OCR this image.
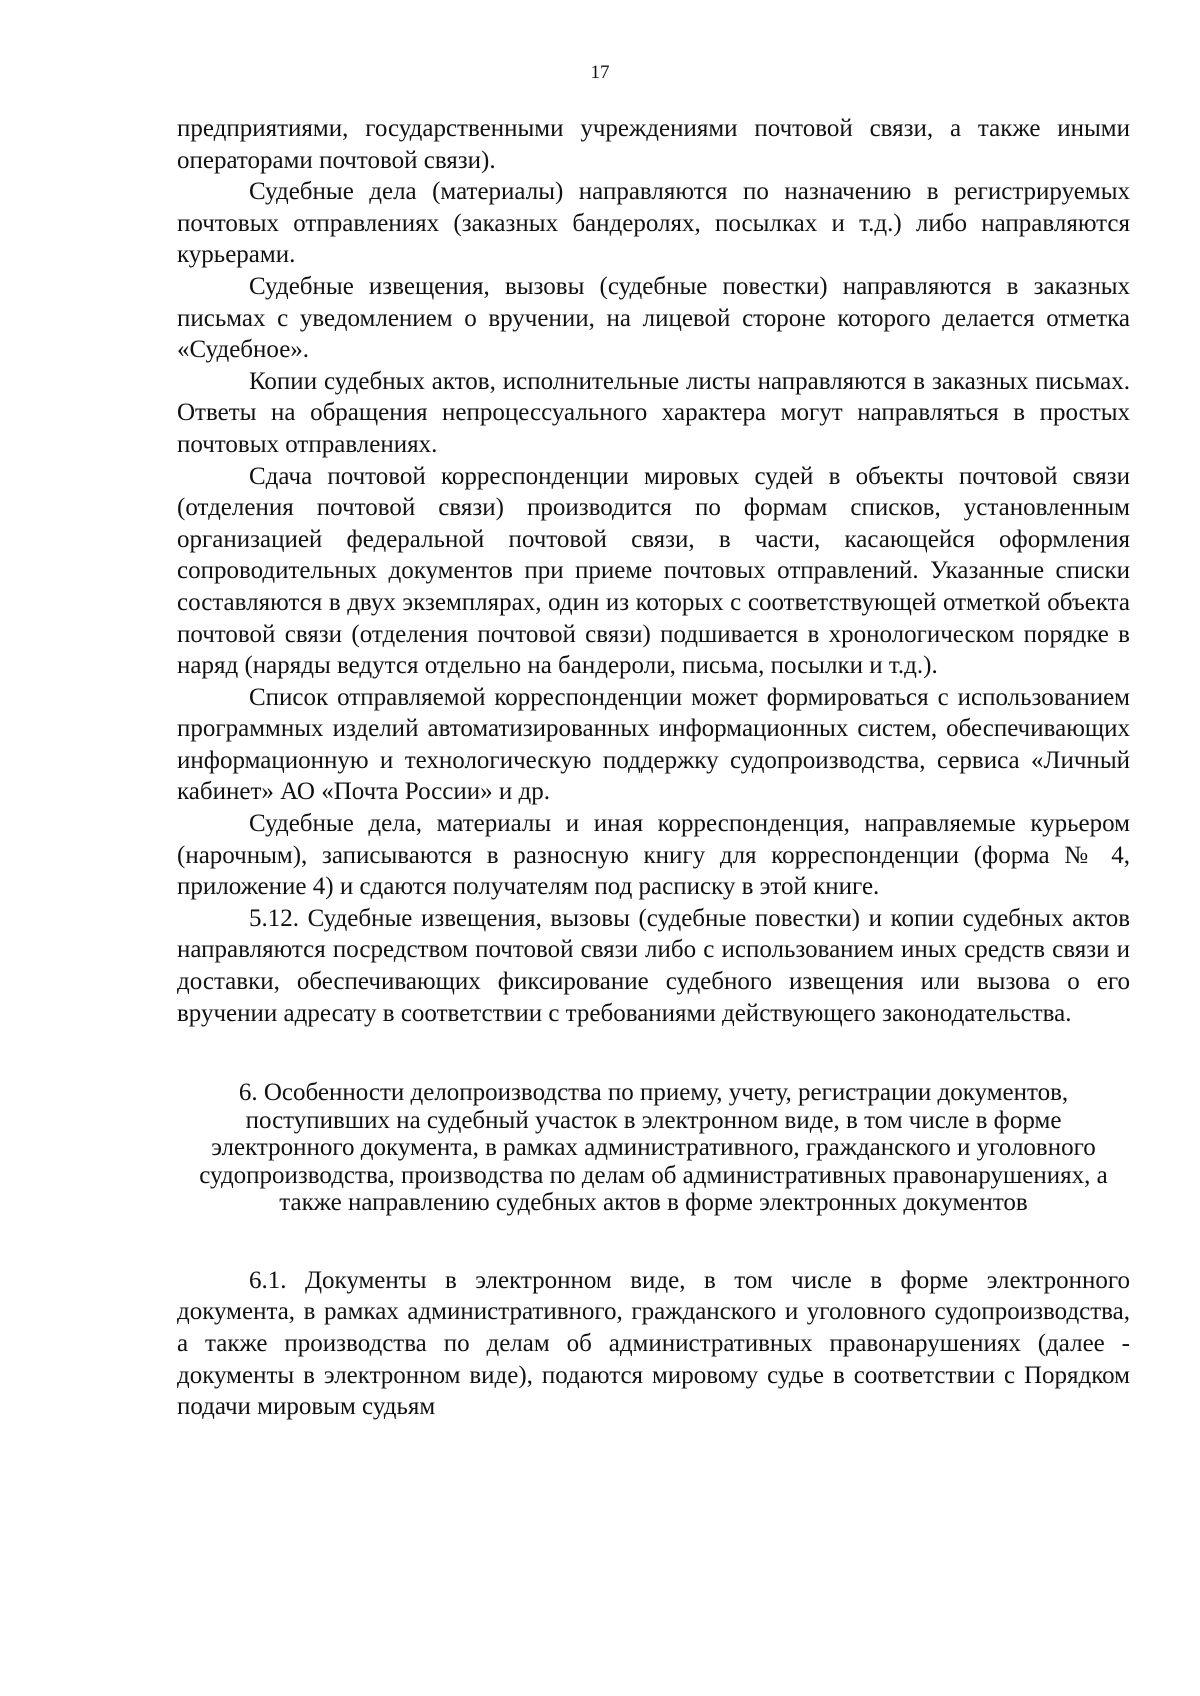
17

предприятиями, государственными учреждениями почтовой связи, а также иными операторами почтовой связи).

Судебные дела (материалы) направляются по назначению в регистрируемых почтовых отправлениях (заказных бандеролях, посылках и т.д.) либо направляются курьерами.

Судебные извещения, вызовы (судебные повестки) направляются в заказных письмах с уведомлением о вручении, на лицевой стороне которого делается отметка «Судебное».

Копии судебных актов, исполнительные листы направляются в заказных письмах. Ответы на обращения непроцессуального характера могут направляться в простых почтовых отправлениях.

Сдача почтовой корреспонденции мировых судей в объекты почтовой связи (отделения почтовой связи) производится по формам списков, установленным организацией федеральной почтовой связи, в части, касающейся оформления сопроводительных документов при приеме почтовых отправлений. Указанные списки составляются в двух экземплярах, один из которых с соответствующей отметкой объекта почтовой связи (отделения почтовой связи) подшивается в хронологическом порядке в наряд (наряды ведутся отдельно на бандероли, письма, посылки и т.д.).

Список отправляемой корреспонденции может формироваться с использованием программных изделий автоматизированных информационных систем, обеспечивающих информационную и технологическую поддержку судопроизводства, сервиса «Личный кабинет» АО «Почта России» и др.

Судебные дела, материалы и иная корреспонденция, направляемые курьером (нарочным), записываются в разносную книгу для корреспонденции (форма № 4, приложение 4) и сдаются получателям под расписку в этой книге.

5.12. Судебные извещения, вызовы (судебные повестки) и копии судебных актов направляются посредством почтовой связи либо с использованием иных средств связи и доставки, обеспечивающих фиксирование судебного извещения или вызова о его вручении адресату в соответствии с требованиями действующего законодательства.

6. Особенности делопроизводства по приему, учету, регистрации документов, поступивших на судебный участок в электронном виде, в том числе в форме электронного документа, в рамках административного, гражданского и уголовного судопроизводства, производства по делам об административных правонарушениях, а также направлению судебных актов в форме электронных документов

6.1. Документы в электронном виде, в том числе в форме электронного документа, в рамках административного, гражданского и уголовного судопроизводства, а также производства по делам об административных правонарушениях (далее - документы в электронном виде), подаются мировому судье в соответствии с Порядком подачи мировым судьям
